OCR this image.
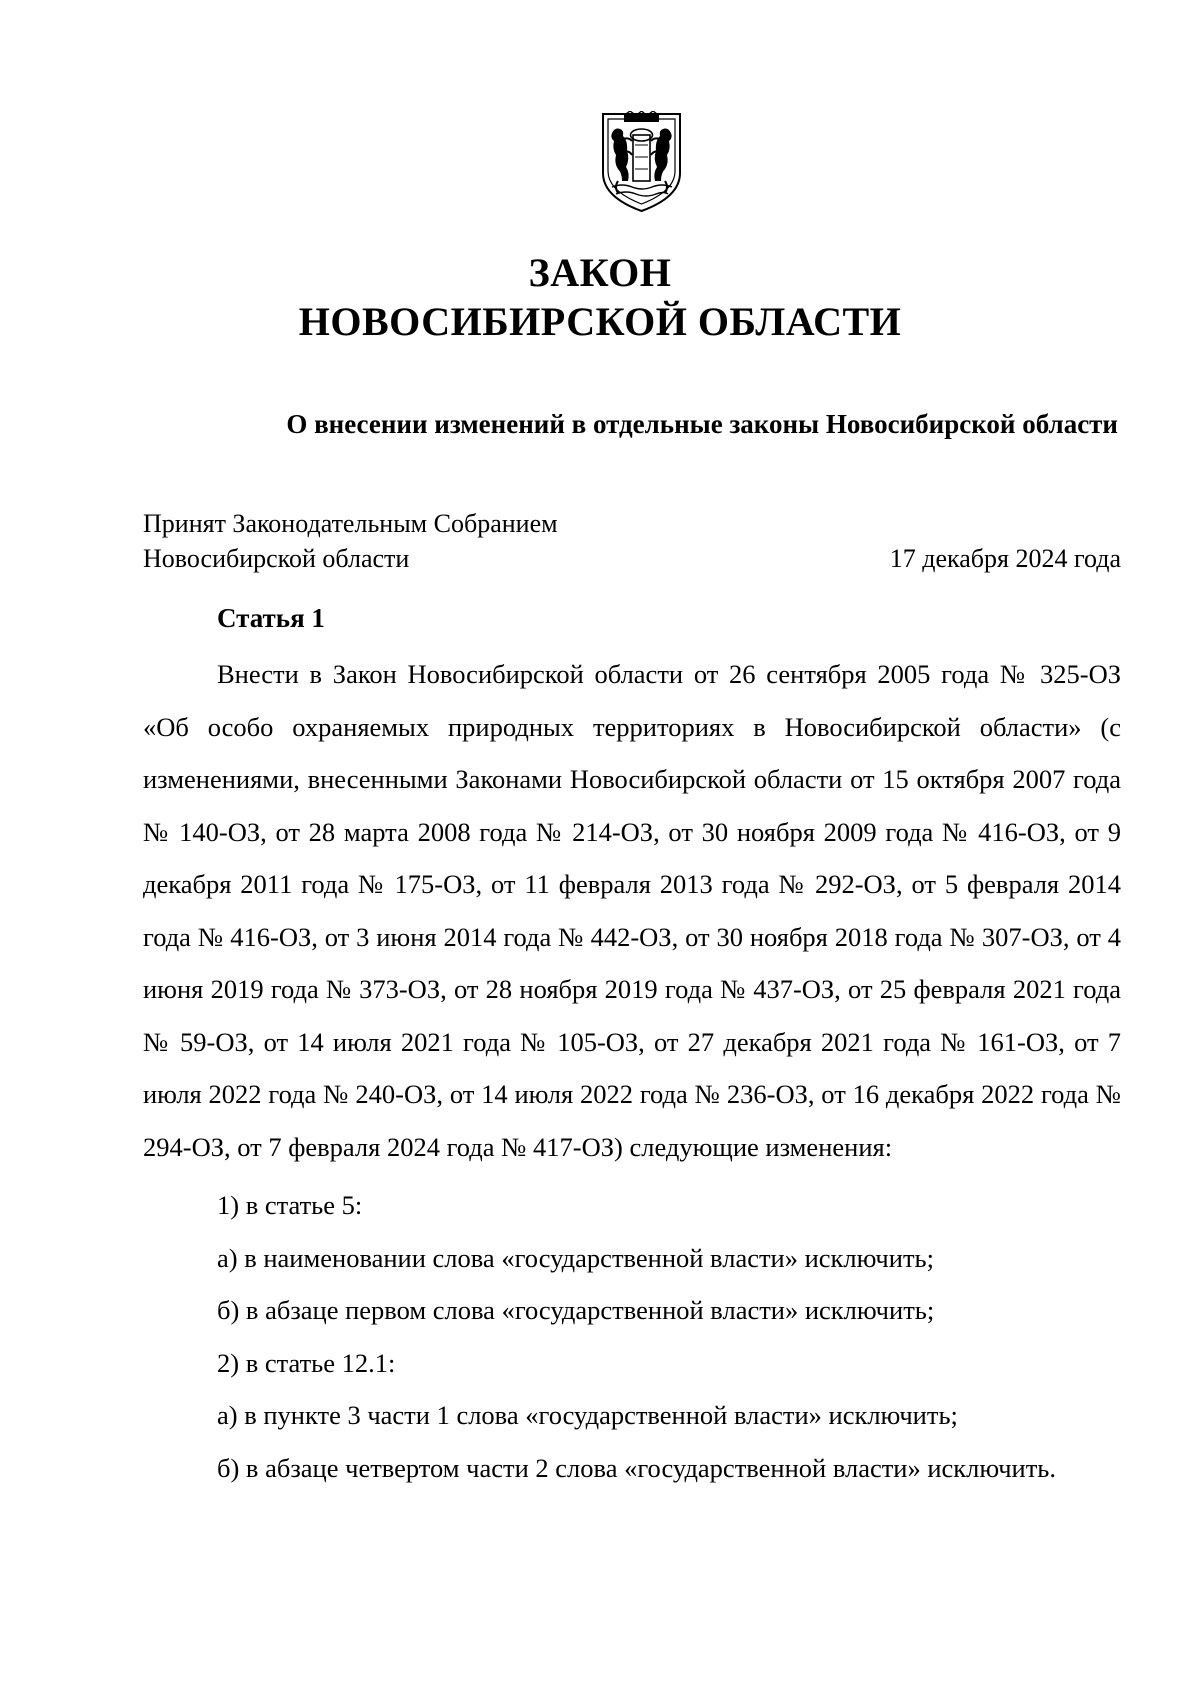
ЗАКОН
НОВОСИБИРСКОЙ ОБЛАСТИ
О внесении изменений в отдельные законы Новосибирской области
Принят Законодательным Собранием
Новосибирской области	17 декабря 2024 года
Статья 1

Внести в Закон Новосибирской области от 26 сентября 2005 года № 325-ОЗ «Об особо охраняемых природных территориях в Новосибирской области» (с изменениями, внесенными Законами Новосибирской области от 15 октября 2007 года № 140-ОЗ, от 28 марта 2008 года № 214-ОЗ, от 30 ноября 2009 года № 416-ОЗ, от 9 декабря 2011 года № 175-ОЗ, от 11 февраля 2013 года № 292-ОЗ, от 5 февраля 2014 года № 416-ОЗ, от 3 июня 2014 года № 442-ОЗ, от 30 ноября 2018 года № 307-ОЗ, от 4 июня 2019 года № 373-ОЗ, от 28 ноября 2019 года № 437-ОЗ, от 25 февраля 2021 года № 59-ОЗ, от 14 июля 2021 года № 105-ОЗ, от 27 декабря 2021 года № 161-ОЗ, от 7 июля 2022 года № 240-ОЗ, от 14 июля 2022 года № 236-ОЗ, от 16 декабря 2022 года № 294-ОЗ, от 7 февраля 2024 года № 417-ОЗ) следующие изменения:

1) в статье 5:
а) в наименовании слова «государственной власти» исключить;
б) в абзаце первом слова «государственной власти» исключить;
2) в статье 12.1:
а) в пункте 3 части 1 слова «государственной власти» исключить;
б) в абзаце четвертом части 2 слова «государственной власти» исключить.
